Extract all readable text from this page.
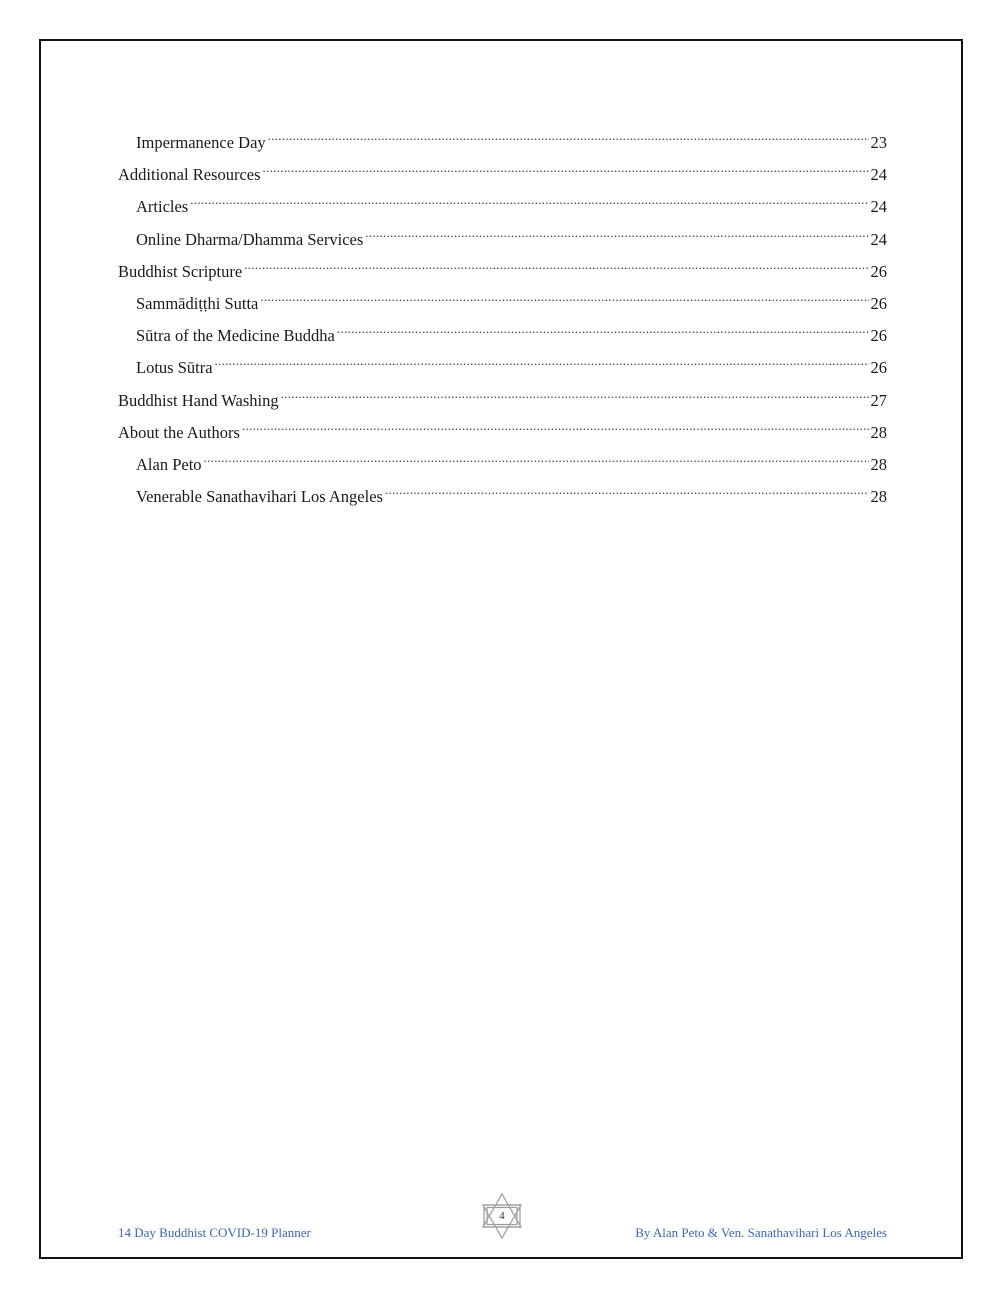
Impermanence Day .....	23
Additional Resources .....	24
Articles .....	24
Online Dharma/Dhamma Services .....	24
Buddhist Scripture .....	26
Sammādiṭṭhi Sutta .....	26
Sūtra of the Medicine Buddha .....	26
Lotus Sūtra .....	26
Buddhist Hand Washing .....	27
About the Authors .....	28
Alan Peto .....	28
Venerable Sanathavihari Los Angeles .....	28
14 Day Buddhist COVID-19 Planner
4
By Alan Peto & Ven. Sanathavihari Los Angeles
